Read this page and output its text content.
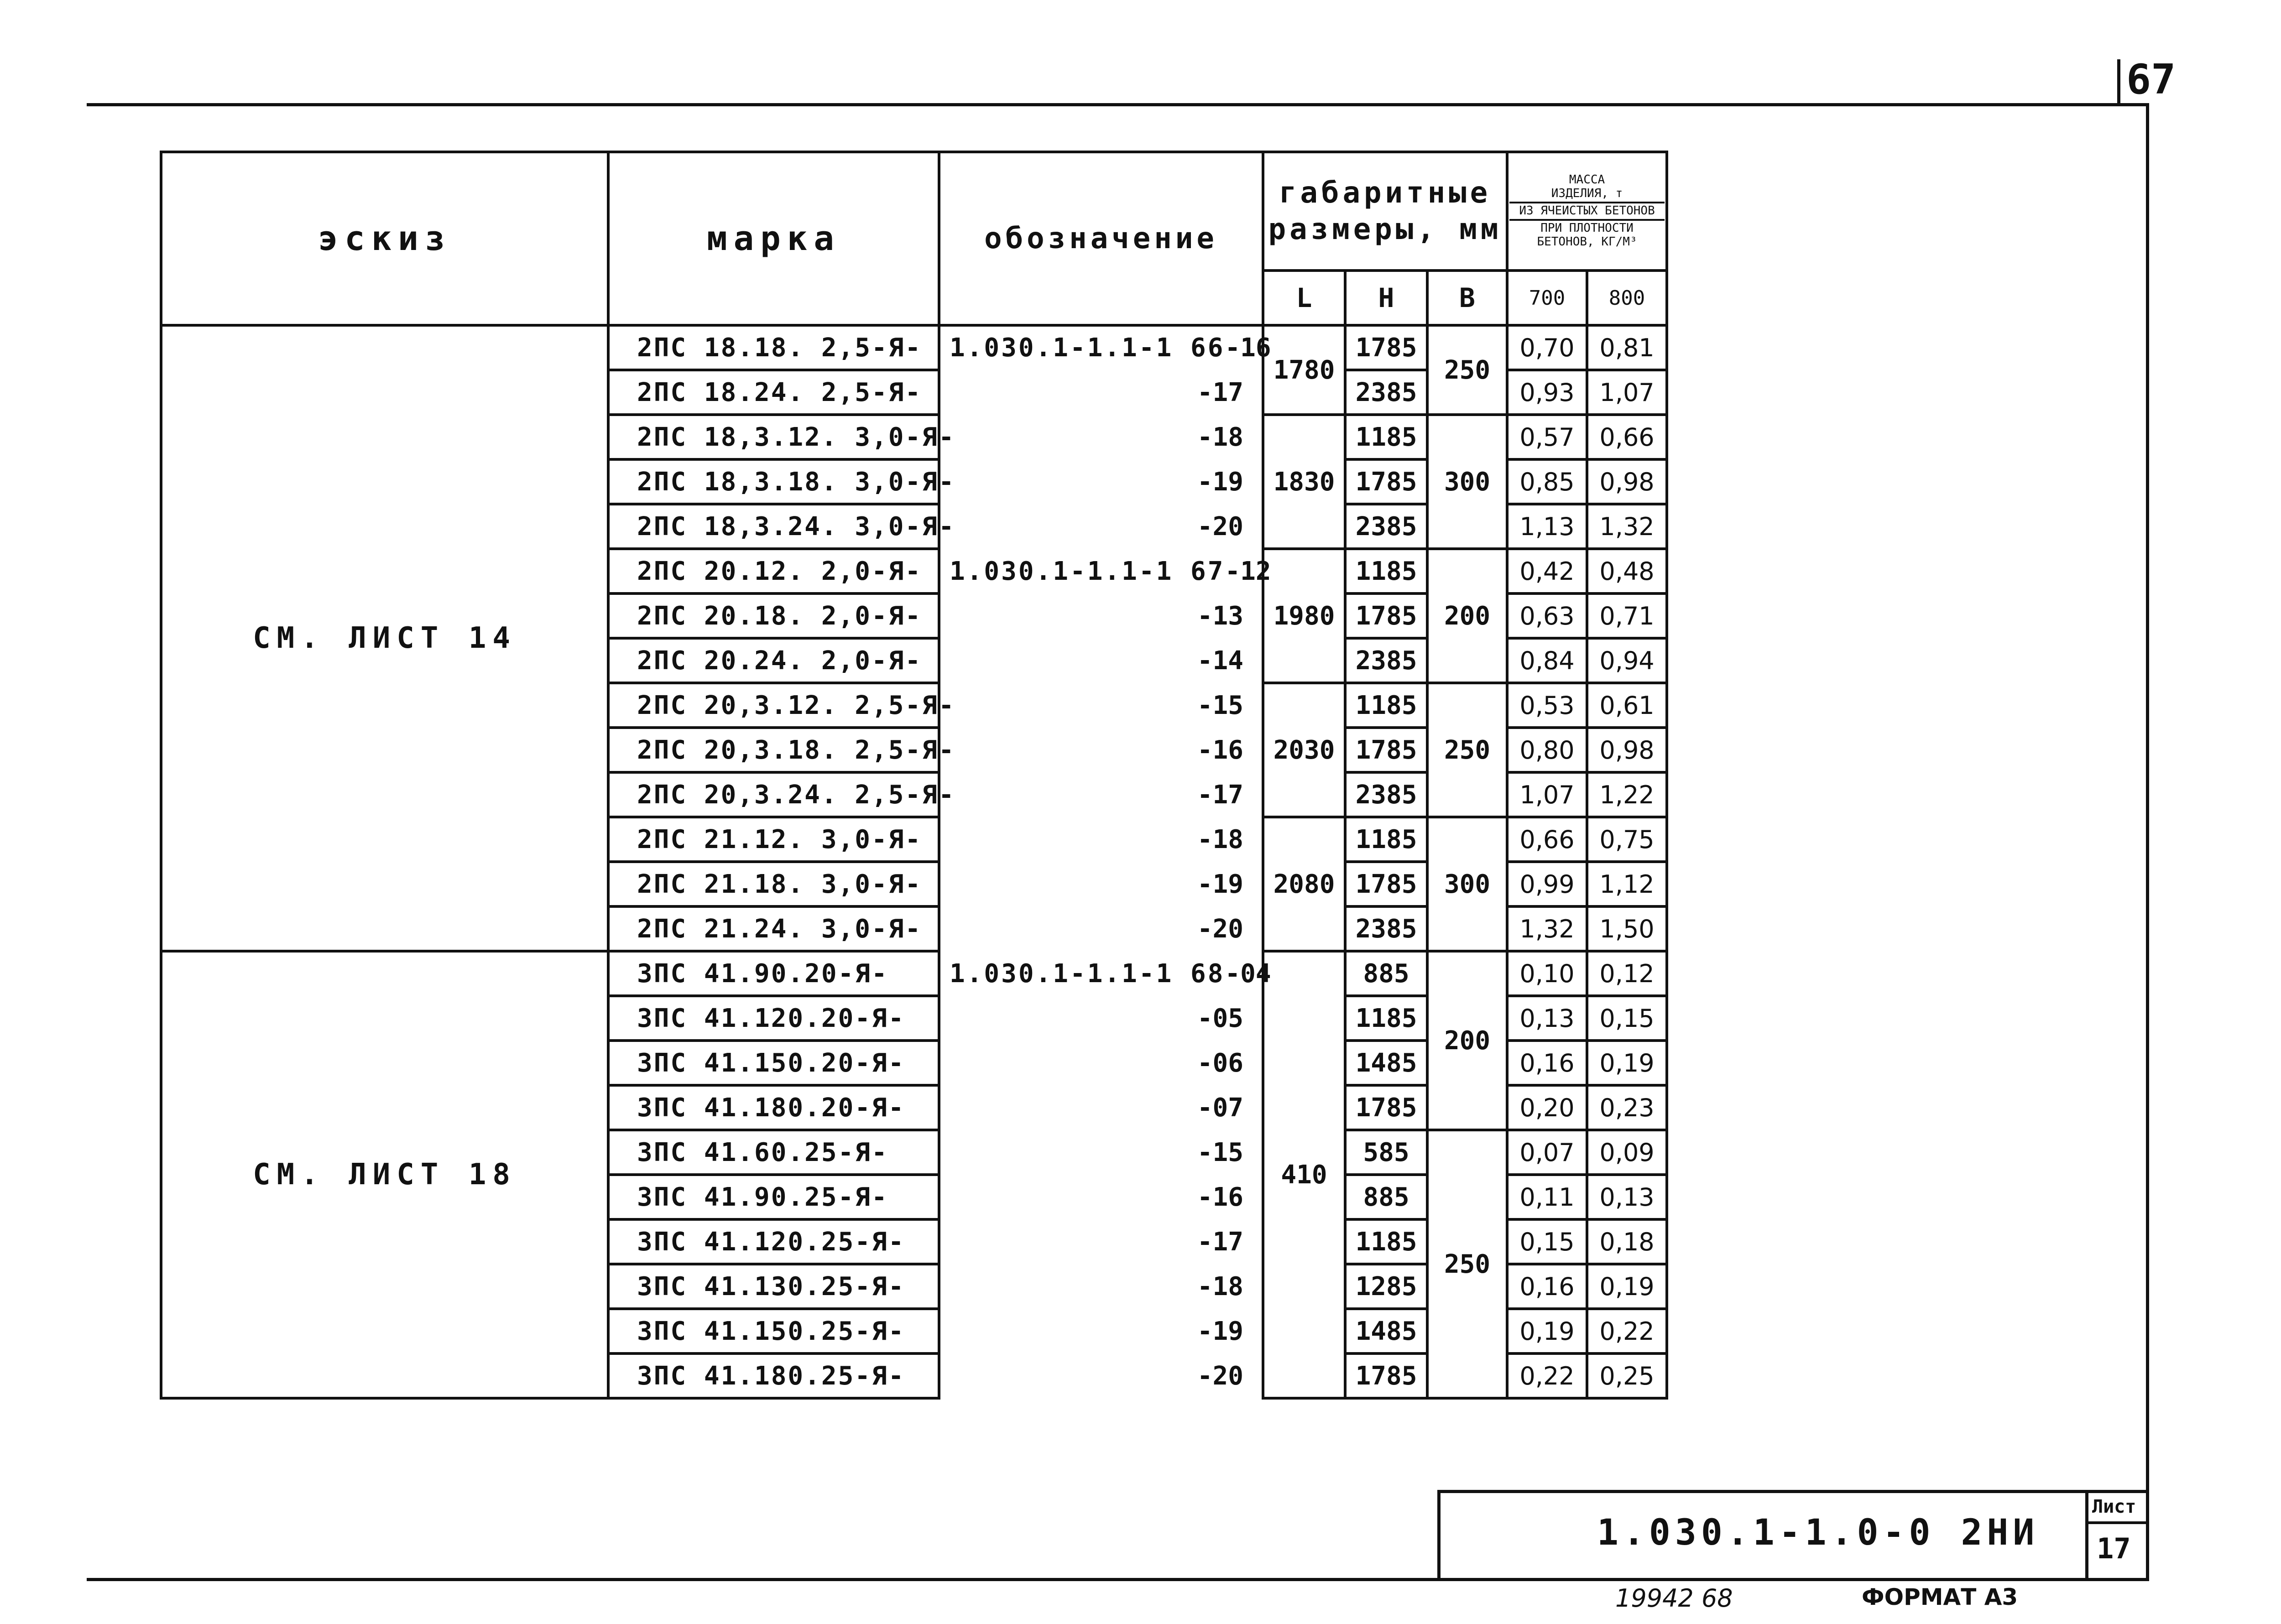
67
эскиз	марка	обозначение	габаритные размеры, мм			МАССА
ИЗДЕЛИЯ, т
ИЗ ЯЧЕИСТЫХ БЕТОНОВ
ПРИ ПЛОТНОСТИ БЕТОНОВ, КГ/М³	

			L	Н	В	700	800
СМ. ЛИСТ 14	2ПС 18.18. 2,5-Я-	1.030.1-1.1-1 66 -16	1780	1785	250	0,70	0,81
	2ПС 18.24. 2,5-Я-	-17		2385		0,93	1,07
	2ПС 18,3.12. 3,0-Я-	-18	1830	1185	300	0,57	0,66
	2ПС 18,3.18. 3,0-Я-	-19		1785		0,85	0,98
	2ПС 18,3.24. 3,0-Я-	-20		2385		1,13	1,32
	2ПС 20.12. 2,0-Я-	1.030.1-1.1-1 67 -12	1980	1185	200	0,42	0,48
	2ПС 20.18. 2,0-Я-	-13		1785		0,63	0,71
	2ПС 20.24. 2,0-Я-	-14		2385		0,84	0,94
	2ПС 20,3.12. 2,5-Я-	-15	2030	1185	250	0,53	0,61
	2ПС 20,3.18. 2,5-Я-	-16		1785		0,80	0,98
	2ПС 20,3.24. 2,5-Я-	-17		2385		1,07	1,22
	2ПС 21.12. 3,0-Я-	-18	2080	1185	300	0,66	0,75
	2ПС 21.18. 3,0-Я-	-19		1785		0,99	1,12
	2ПС 21.24. 3,0-Я-	-20		2385		1,32	1,50
СМ. ЛИСТ 18	3ПС 41.90.20-Я-	1.030.1-1.1-1 68 -04	410	885	200	0,10	0,12
	3ПС 41.120.20-Я-	-05		1185		0,13	0,15
	3ПС 41.150.20-Я-	-06		1485		0,16	0,19
	3ПС 41.180.20-Я-	-07		1785		0,20	0,23
	3ПС 41.60.25-Я-	-15		585	250	0,07	0,09
	3ПС 41.90.25-Я-	-16		885		0,11	0,13
	3ПС 41.120.25-Я-	-17		1185		0,15	0,18
	3ПС 41.130.25-Я-	-18		1285		0,16	0,19
	3ПС 41.150.25-Я-	-19		1485		0,19	0,22
	3ПС 41.180.25-Я-	-20		1785		0,22	0,25
1.030.1-1.0-0 2НИ
Лист
17
19942 68	ФОРМАТ А3
